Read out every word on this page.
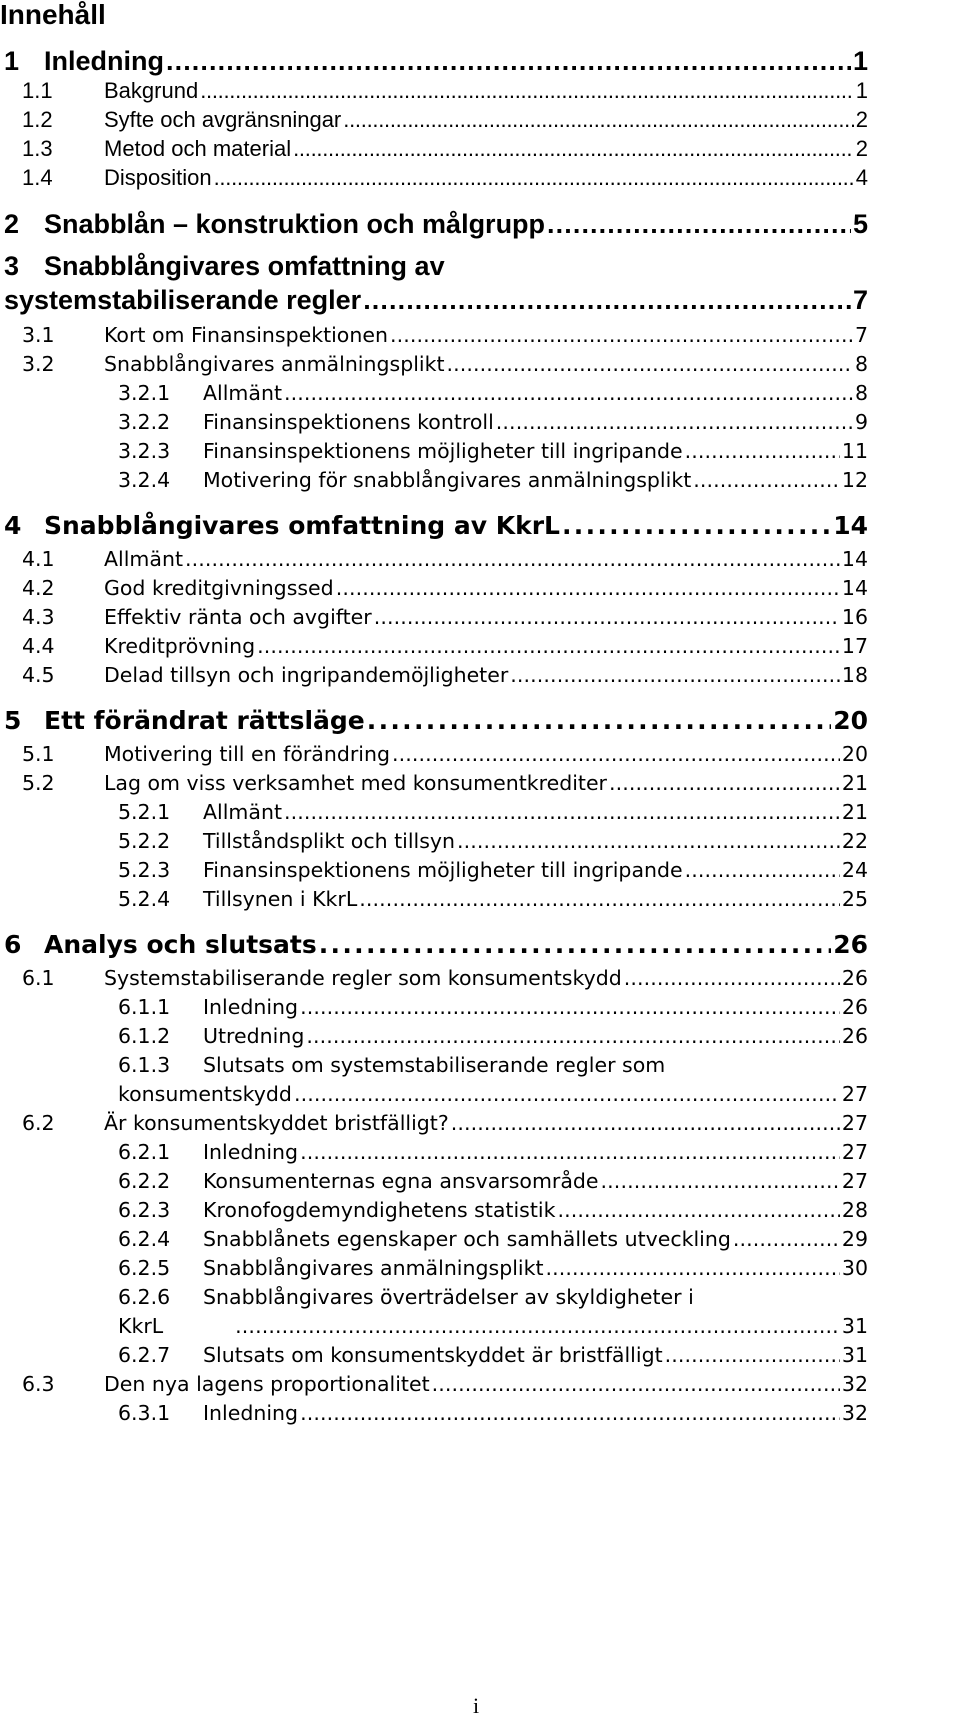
Innehåll
1 Inledning . . .	1
1.1	Bakgrund . . .	1
1.2	Syfte och avgränsningar . . .	2
1.3	Metod och material . . .	2
1.4	Disposition . . .	4
2 Snabblån – konstruktion och målgrupp . . .	5
3 Snabblångivares omfattning av
systemstabiliserande regler . . .	7
3.1	Kort om Finansinspektionen . . .	7
3.2	Snabblångivares anmälningsplikt . . .	8
3.2.1	Allmänt . . .	8
3.2.2	Finansinspektionens kontroll . . .	9
3.2.3	Finansinspektionens möjligheter till ingripande . . .	11
3.2.4	Motivering för snabblångivares anmälningsplikt . . .	12
4 Snabblångivares omfattning av KkrL . . .	14
4.1	Allmänt . . .	14
4.2	God kreditgivningssed . . .	14
4.3	Effektiv ränta och avgifter . . .	16
4.4	Kreditprövning . . .	17
4.5	Delad tillsyn och ingripandemöjligheter . . .	18
5 Ett förändrat rättsläge . . .	20
5.1	Motivering till en förändring . . .	20
5.2	Lag om viss verksamhet med konsumentkrediter . . .	21
5.2.1	Allmänt . . .	21
5.2.2	Tillståndsplikt och tillsyn . . .	22
5.2.3	Finansinspektionens möjligheter till ingripande . . .	24
5.2.4	Tillsynen i KkrL . . .	25
6 Analys och slutsats . . .	26
6.1	Systemstabiliserande regler som konsumentskydd . . .	26
6.1.1	Inledning . . .	26
6.1.2	Utredning . . .	26
6.1.3	Slutsats om systemstabiliserande regler som
konsumentskydd . . .	27
6.2	Är konsumentskyddet bristfälligt? . . .	27
6.2.1	Inledning . . .	27
6.2.2	Konsumenternas egna ansvarsområde . . .	27
6.2.3	Kronofogdemyndighetens statistik . . .	28
6.2.4	Snabblånets egenskaper och samhällets utveckling . . .	29
6.2.5	Snabblångivares anmälningsplikt . . .	30
6.2.6	Snabblångivares överträdelser av skyldigheter i
KkrL . . .	31
6.2.7	Slutsats om konsumentskyddet är bristfälligt . . .	31
6.3	Den nya lagens proportionalitet . . .	32
6.3.1	Inledning . . .	32
i
